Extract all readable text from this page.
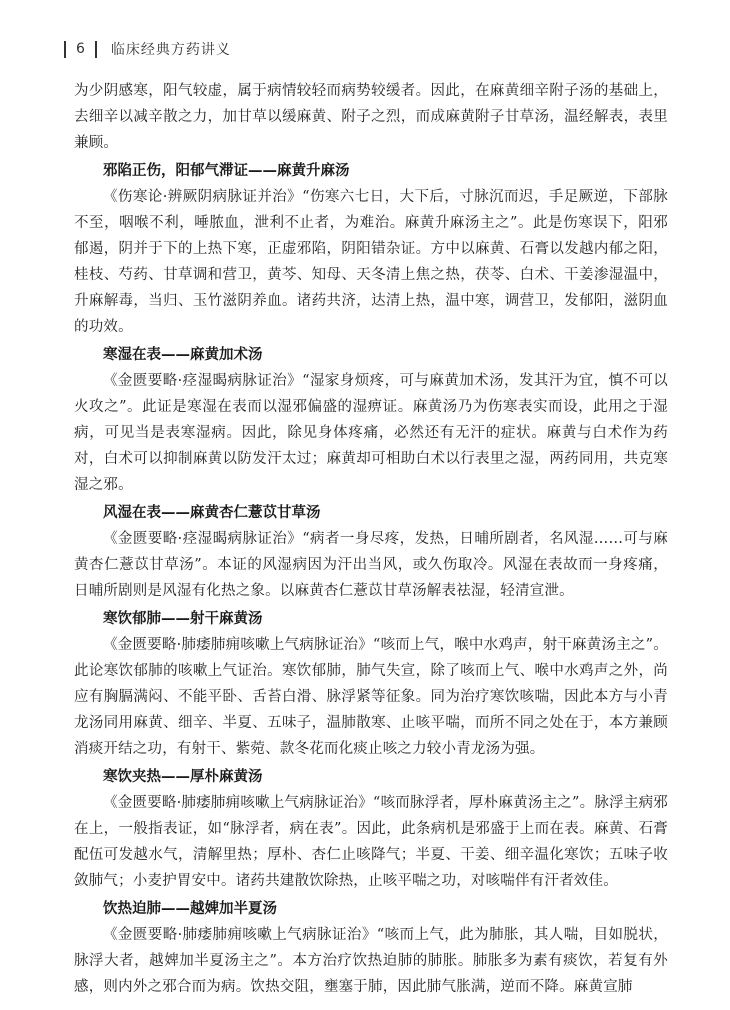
6 临床经典方药讲义

为少阴感寒，阳气较虚，属于病情较轻而病势较缓者。因此，在麻黄细辛附子汤的基础上，去细辛以减辛散之力，加甘草以缓麻黄、附子之烈，而成麻黄附子甘草汤，温经解表，表里兼顾。

邪陷正伤，阳郁气滞证——麻黄升麻汤

《伤寒论·辨厥阴病脉证并治》“伤寒六七日，大下后，寸脉沉而迟，手足厥逆，下部脉不至，咽喉不利，唾脓血，泄利不止者，为难治。麻黄升麻汤主之”。此是伤寒误下，阳邪郁遏，阴并于下的上热下寒，正虚邪陷，阴阳错杂证。方中以麻黄、石膏以发越内郁之阳，桂枝、芍药、甘草调和营卫，黄芩、知母、天冬清上焦之热，茯苓、白术、干姜渗湿温中，升麻解毒，当归、玉竹滋阴养血。诸药共济，达清上热，温中寒，调营卫，发郁阳，滋阴血的功效。

寒湿在表——麻黄加术汤

《金匮要略·痉湿暍病脉证治》“湿家身烦疼，可与麻黄加术汤，发其汗为宜，慎不可以火攻之”。此证是寒湿在表而以湿邪偏盛的湿痹证。麻黄汤乃为伤寒表实而设，此用之于湿病，可见当是表寒湿病。因此，除见身体疼痛，必然还有无汗的症状。麻黄与白术作为药对，白术可以抑制麻黄以防发汗太过；麻黄却可相助白术以行表里之湿，两药同用，共克寒湿之邪。

风湿在表——麻黄杏仁薏苡甘草汤

《金匮要略·痉湿暍病脉证治》“病者一身尽疼，发热，日晡所剧者，名风湿……可与麻黄杏仁薏苡甘草汤”。本证的风湿病因为汗出当风，或久伤取冷。风湿在表故而一身疼痛，日晡所剧则是风湿有化热之象。以麻黄杏仁薏苡甘草汤解表祛湿，轻清宣泄。

寒饮郁肺——射干麻黄汤

《金匮要略·肺痿肺痈咳嗽上气病脉证治》“咳而上气，喉中水鸡声，射干麻黄汤主之”。此论寒饮郁肺的咳嗽上气证治。寒饮郁肺，肺气失宣，除了咳而上气、喉中水鸡声之外，尚应有胸膈满闷、不能平卧、舌苔白滑、脉浮紧等征象。同为治疗寒饮咳喘，因此本方与小青龙汤同用麻黄、细辛、半夏、五味子，温肺散寒、止咳平喘，而所不同之处在于，本方兼顾消痰开结之功，有射干、紫菀、款冬花而化痰止咳之力较小青龙汤为强。

寒饮夹热——厚朴麻黄汤

《金匮要略·肺痿肺痈咳嗽上气病脉证治》“咳而脉浮者，厚朴麻黄汤主之”。脉浮主病邪在上，一般指表证，如“脉浮者，病在表”。因此，此条病机是邪盛于上而在表。麻黄、石膏配伍可发越水气，清解里热；厚朴、杏仁止咳降气；半夏、干姜、细辛温化寒饮；五味子收敛肺气；小麦护胃安中。诸药共建散饮除热，止咳平喘之功，对咳喘伴有汗者效佳。

饮热迫肺——越婢加半夏汤

《金匮要略·肺痿肺痈咳嗽上气病脉证治》“咳而上气，此为肺胀，其人喘，目如脱状，脉浮大者，越婢加半夏汤主之”。本方治疗饮热迫肺的肺胀。肺胀多为素有痰饮，若复有外感，则内外之邪合而为病。饮热交阻，壅塞于肺，因此肺气胀满，逆而不降。麻黄宣肺
